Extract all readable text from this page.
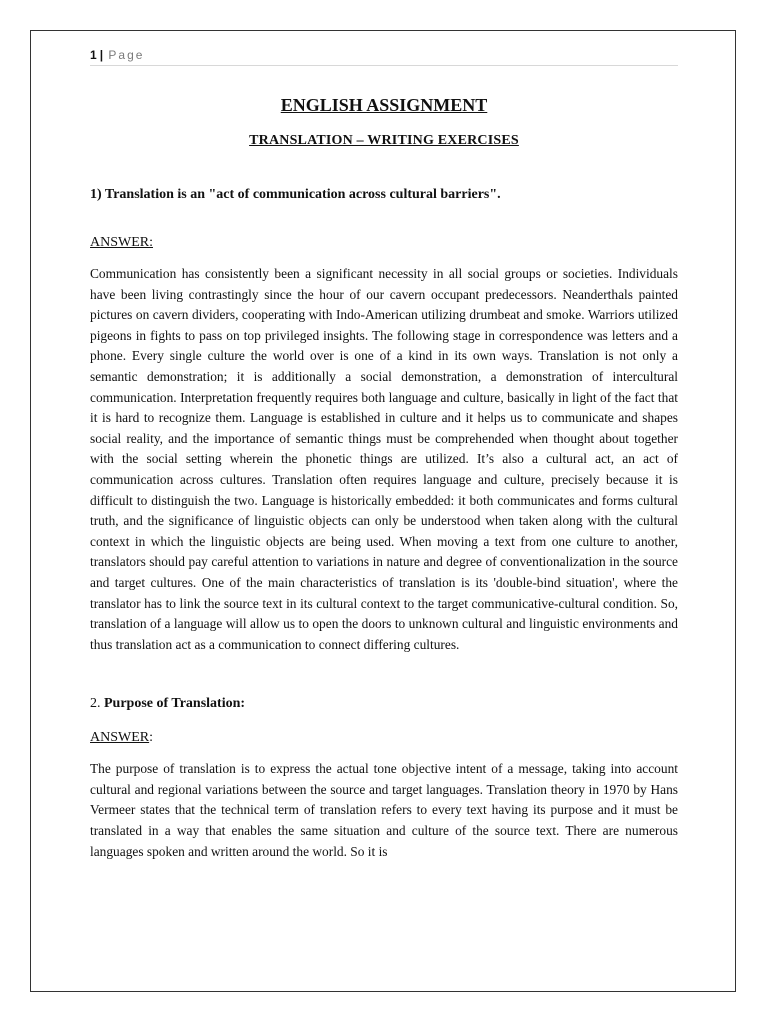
1 | Page
ENGLISH ASSIGNMENT
TRANSLATION – WRITING EXERCISES

1) Translation is an "act of communication across cultural barriers".

ANSWER:

Communication has consistently been a significant necessity in all social groups or societies. Individuals have been living contrastingly since the hour of our cavern occupant predecessors. Neanderthals painted pictures on cavern dividers, cooperating with Indo-American utilizing drumbeat and smoke. Warriors utilized pigeons in fights to pass on top privileged insights. The following stage in correspondence was letters and a phone. Every single culture the world over is one of a kind in its own ways. Translation is not only a semantic demonstration; it is additionally a social demonstration, a demonstration of intercultural communication. Interpretation frequently requires both language and culture, basically in light of the fact that it is hard to recognize them. Language is established in culture and it helps us to communicate and shapes social reality, and the importance of semantic things must be comprehended when thought about together with the social setting wherein the phonetic things are utilized. It’s also a cultural act, an act of communication across cultures. Translation often requires language and culture, precisely because it is difficult to distinguish the two. Language is historically embedded: it both communicates and forms cultural truth, and the significance of linguistic objects can only be understood when taken along with the cultural context in which the linguistic objects are being used. When moving a text from one culture to another, translators should pay careful attention to variations in nature and degree of conventionalization in the source and target cultures. One of the main characteristics of translation is its 'double-bind situation', where the translator has to link the source text in its cultural context to the target communicative-cultural condition. So, translation of a language will allow us to open the doors to unknown cultural and linguistic environments and thus translation act as a communication to connect differing cultures.

2. Purpose of Translation:

ANSWER:

The purpose of translation is to express the actual tone objective intent of a message, taking into account cultural and regional variations between the source and target languages. Translation theory in 1970 by Hans Vermeer states that the technical term of translation refers to every text having its purpose and it must be translated in a way that enables the same situation and culture of the source text. There are numerous languages spoken and written around the world. So it is
